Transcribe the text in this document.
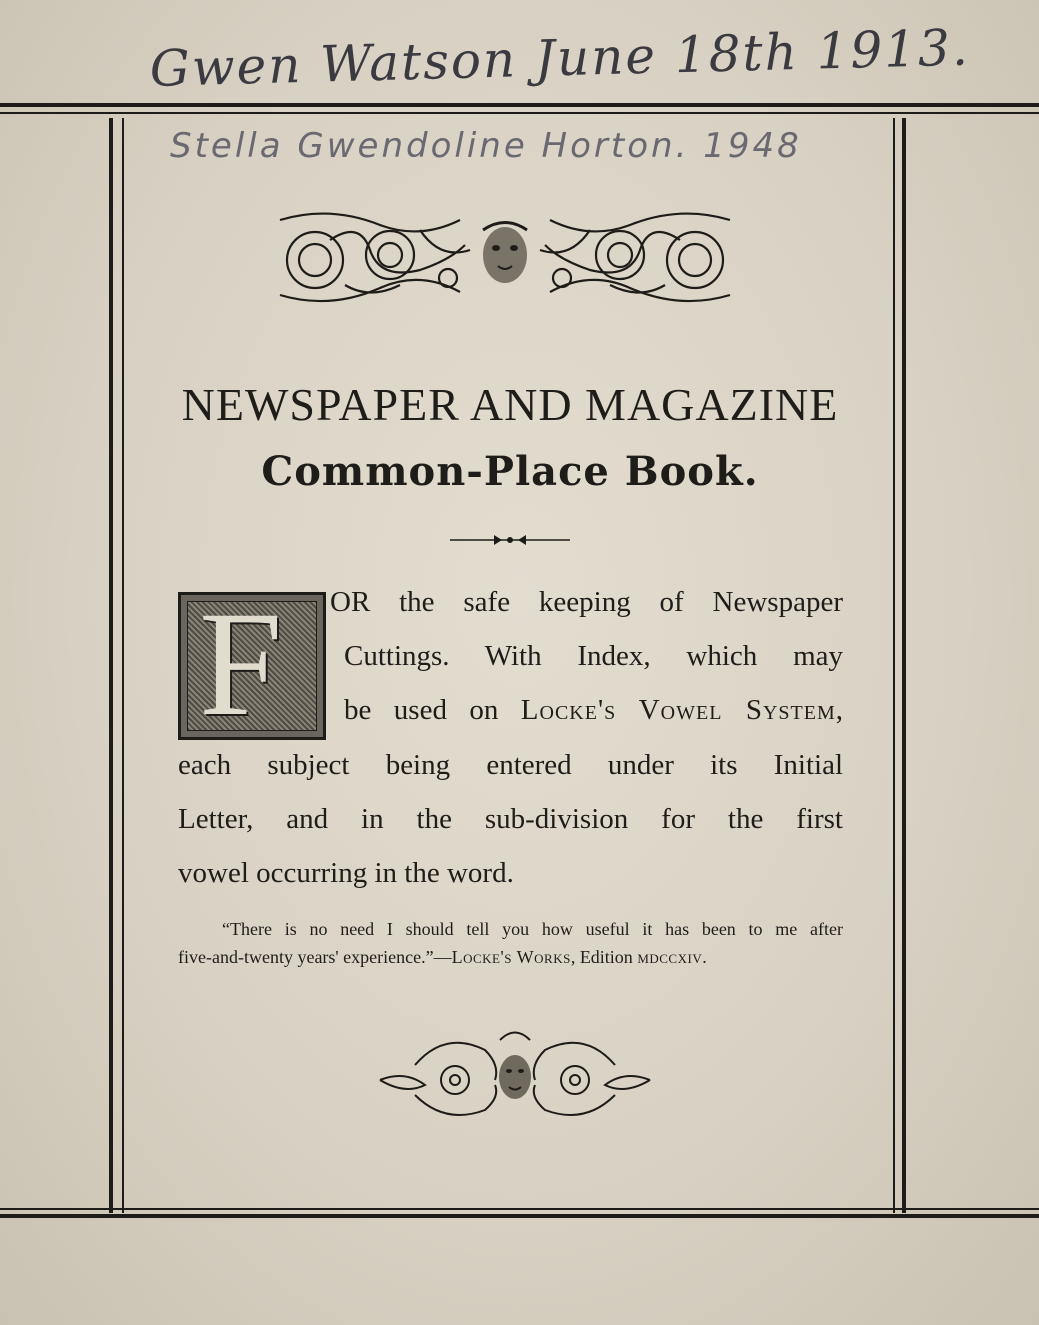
Gwen Watson June 18th 1913.
Stella Gwendoline Horton. 1948
NEWSPAPER AND MAGAZINE
Common-Place Book.
F OR the safe keeping of Newspaper
Cuttings. With Index, which may
be used on Locke's Vowel System,
each subject being entered under its Initial
Letter, and in the sub-division for the first
vowel occurring in the word.
“There is no need I should tell you how useful it has been to me after
five-and-twenty years' experience.”—Locke's Works, Edition mdccxiv.
